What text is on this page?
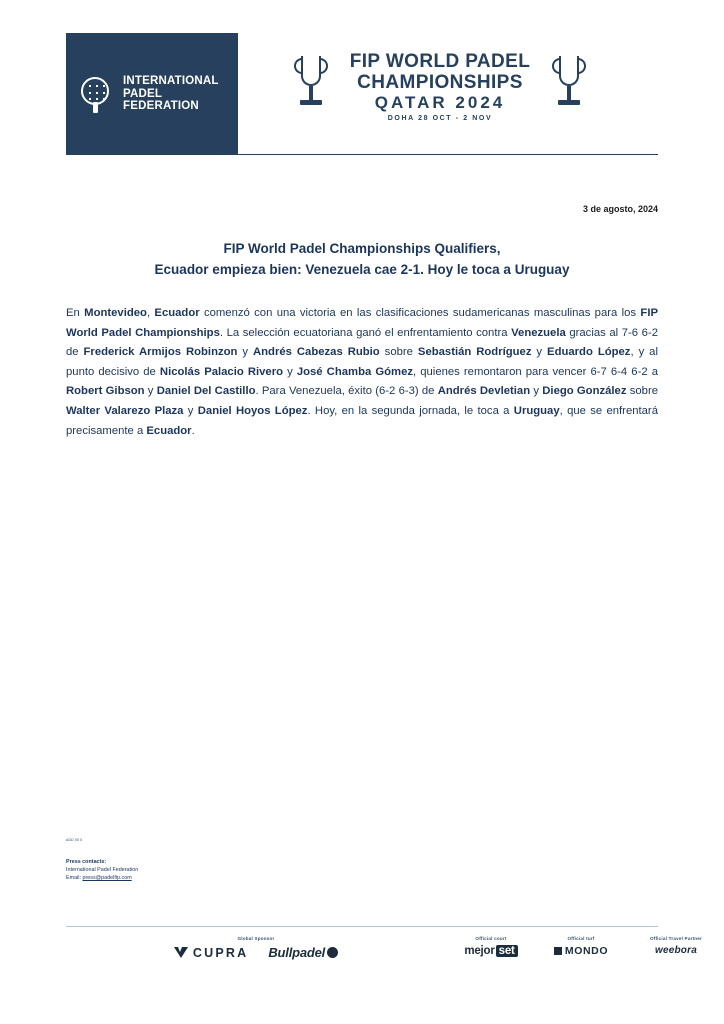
INTERNATIONAL
PADEL
FEDERATION
FIP WORLD PADEL
CHAMPIONSHIPS
QATAR 2024
DOHA 28 OCT - 2 NOV
3 de agosto, 2024
FIP World Padel Championships Qualifiers,
Ecuador empieza bien: Venezuela cae 2-1. Hoy le toca a Uruguay
En Montevideo, Ecuador comenzó con una victoria en las clasificaciones sudamericanas masculinas para los FIP World Padel Championships. La selección ecuatoriana ganó el enfrentamiento contra Venezuela gracias al 7-6 6-2 de Frederick Armijos Robinzon y Andrés Cabezas Rubio sobre Sebastián Rodríguez y Eduardo López, y al punto decisivo de Nicolás Palacio Rivero y José Chamba Gómez, quienes remontaron para vencer 6-7 6-4 6-2 a Robert Gibson y Daniel Del Castillo. Para Venezuela, éxito (6-2 6-3) de Andrés Devletian y Diego González sobre Walter Valarezo Plaza y Daniel Hoyos López. Hoy, en la segunda jornada, le toca a Uruguay, que se enfrentará precisamente a Ecuador.
ADD 00 0
Press contacts:
International Padel Federation
Email: press@padelfip.com
Global Sponsor
CUPRA Bullpadel
Official court
mejor set
Official turf
MONDO
Official Travel Partner
weebora
